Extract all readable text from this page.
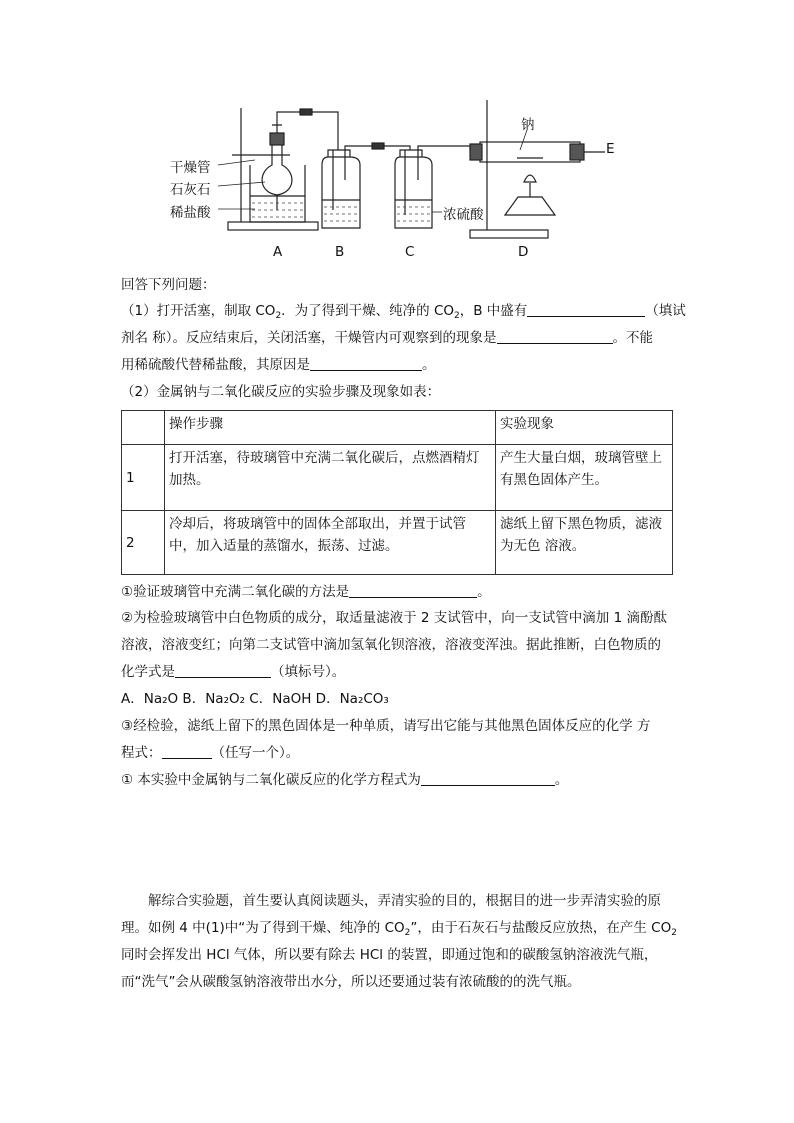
干燥管
石灰石
稀盐酸	浓硫酸
钠
E
A	B	C	D
回答下列问题：
（1）打开活塞，制取 $CO_2$．为了得到干燥、纯净的 $CO_2$，B 中盛有	（填试
剂名 称）。反应结束后，关闭活塞，干燥管内可观察到的现象是	。不能
用稀硫酸代替稀盐酸，其原因是	。
（2）金属钠与二氧化碳反应的实验步骤及现象如表：
	操作步骤	实验现象
1	打开活塞，待玻璃管中充满二氧化碳后，点燃酒精灯加热。	产生大量白烟，玻璃管壁上有黑色固体产生。
2	冷却后，将玻璃管中的固体全部取出，并置于试管中，加入适量的蒸馏水，振荡、过滤。	滤纸上留下黑色物质，滤液为无色 溶液。
①验证玻璃管中充满二氧化碳的方法是	。
②为检验玻璃管中白色物质的成分，取适量滤液于 2 支试管中，向一支试管中滴加 1 滴酚酞
溶液，溶液变红；向第二支试管中滴加氢氧化钡溶液，溶液变浑浊。据此推断，白色物质的
化学式是	（填标号）。
A．Na₂O B．Na₂O₂ C．NaOH D．Na₂CO₃
③经检验，滤纸上留下的黑色固体是一种单质，请写出它能与其他黑色固体反应的化学 方
程式：	（任写一个）。
① 本实验中金属钠与二氧化碳反应的化学方程式为	。
解综合实验题，首生要认真阅读题头，弄清实验的目的，根据目的进一步弄清实验的原
理。如例 4 中(1)中“为了得到干燥、纯净的 $CO_2$”，由于石灰石与盐酸反应放热，在产生 $CO_2$
同时会挥发出 HCl 气体，所以要有除去 HCl 的装置，即通过饱和的碳酸氢钠溶液洗气瓶，
而“洗气”会从碳酸氢钠溶液带出水分，所以还要通过装有浓硫酸的的洗气瓶。
